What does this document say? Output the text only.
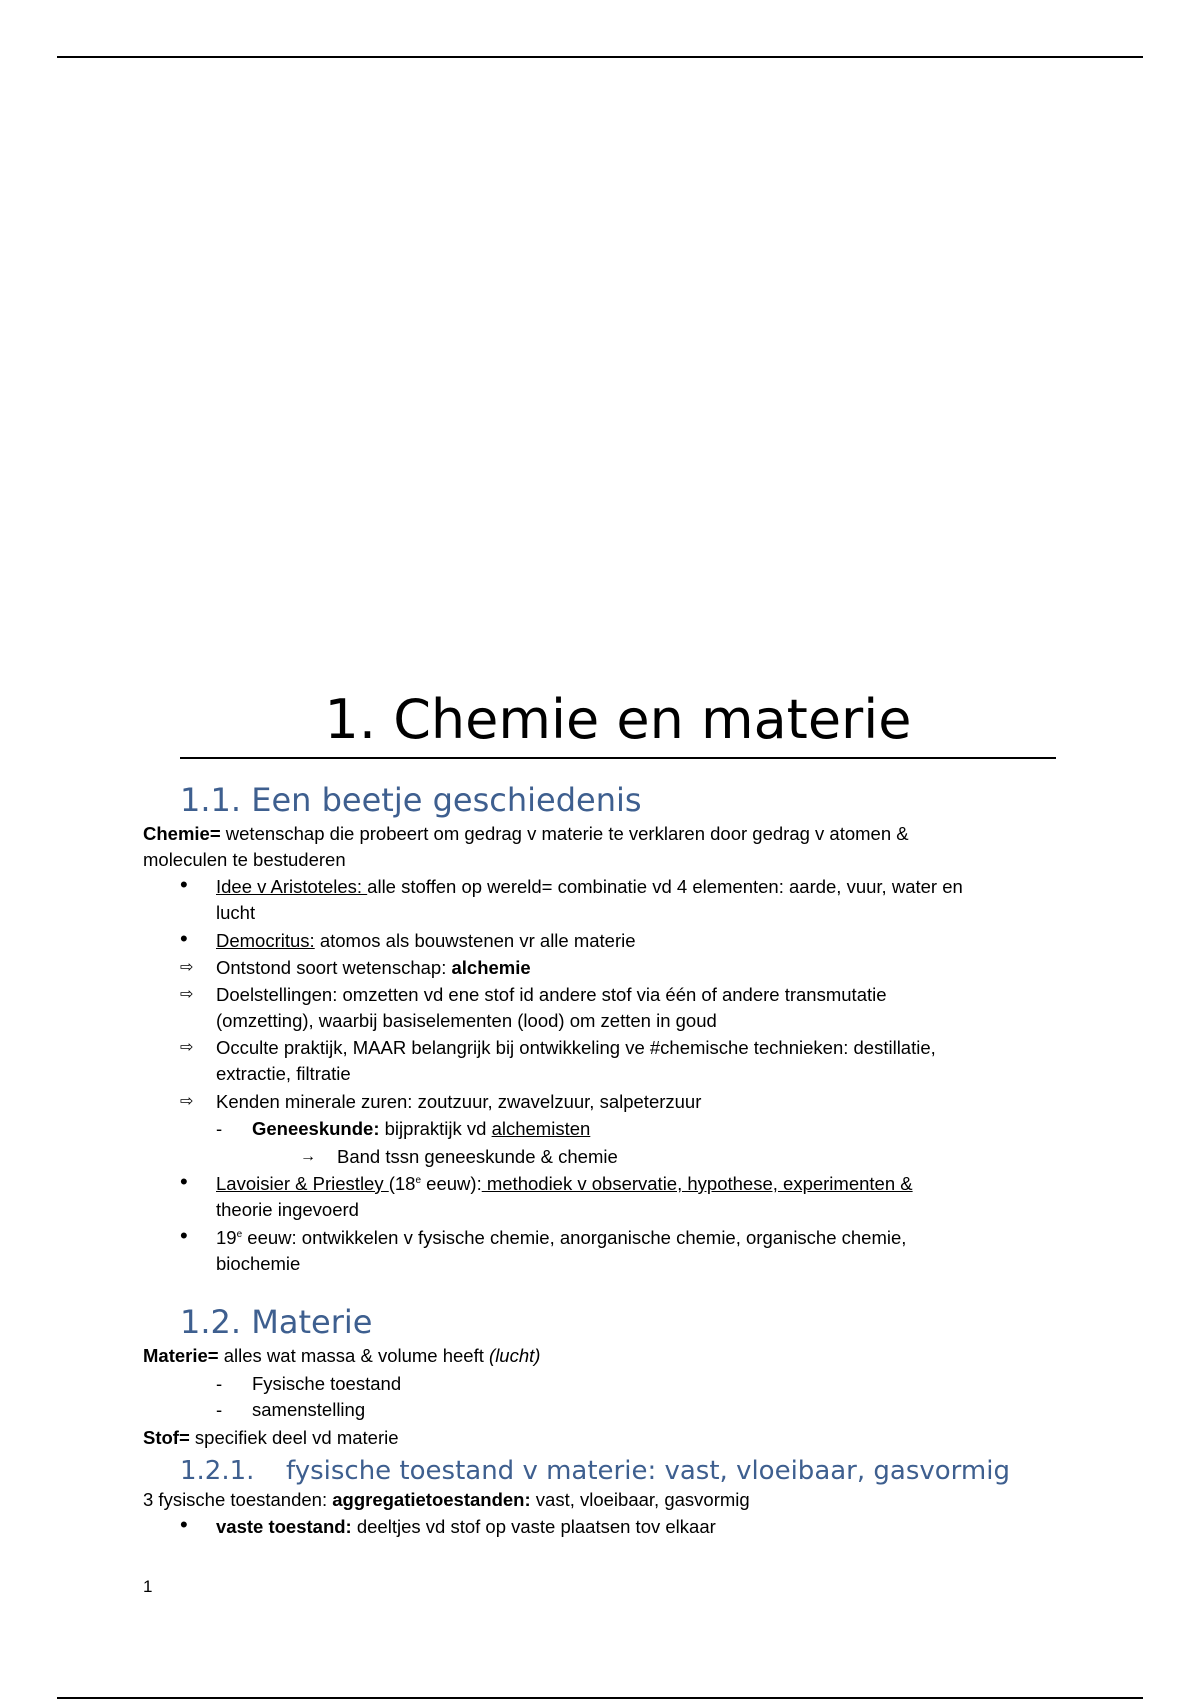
1. Chemie en materie
1.1. Een beetje geschiedenis
Chemie= wetenschap die probeert om gedrag v materie te verklaren door gedrag v atomen &
moleculen te bestuderen
• Idee v Aristoteles: alle stoffen op wereld= combinatie vd 4 elementen: aarde, vuur, water en
lucht
• Democritus: atomos als bouwstenen vr alle materie
⇨ Ontstond soort wetenschap: alchemie
⇨ Doelstellingen: omzetten vd ene stof id andere stof via één of andere transmutatie
(omzetting), waarbij basiselementen (lood) om zetten in goud
⇨ Occulte praktijk, MAAR belangrijk bij ontwikkeling ve #chemische technieken: destillatie,
extractie, filtratie
⇨ Kenden minerale zuren: zoutzuur, zwavelzuur, salpeterzuur
- Geneeskunde: bijpraktijk vd alchemisten
→ Band tssn geneeskunde & chemie
• Lavoisier & Priestley (18e eeuw): methodiek v observatie, hypothese, experimenten &
theorie ingevoerd
• 19e eeuw: ontwikkelen v fysische chemie, anorganische chemie, organische chemie,
biochemie
1.2. Materie
Materie= alles wat massa & volume heeft (lucht)
- Fysische toestand
- samenstelling
Stof= specifiek deel vd materie
1.2.1. fysische toestand v materie: vast, vloeibaar, gasvormig
3 fysische toestanden: aggregatietoestanden: vast, vloeibaar, gasvormig
• vaste toestand: deeltjes vd stof op vaste plaatsen tov elkaar
1
